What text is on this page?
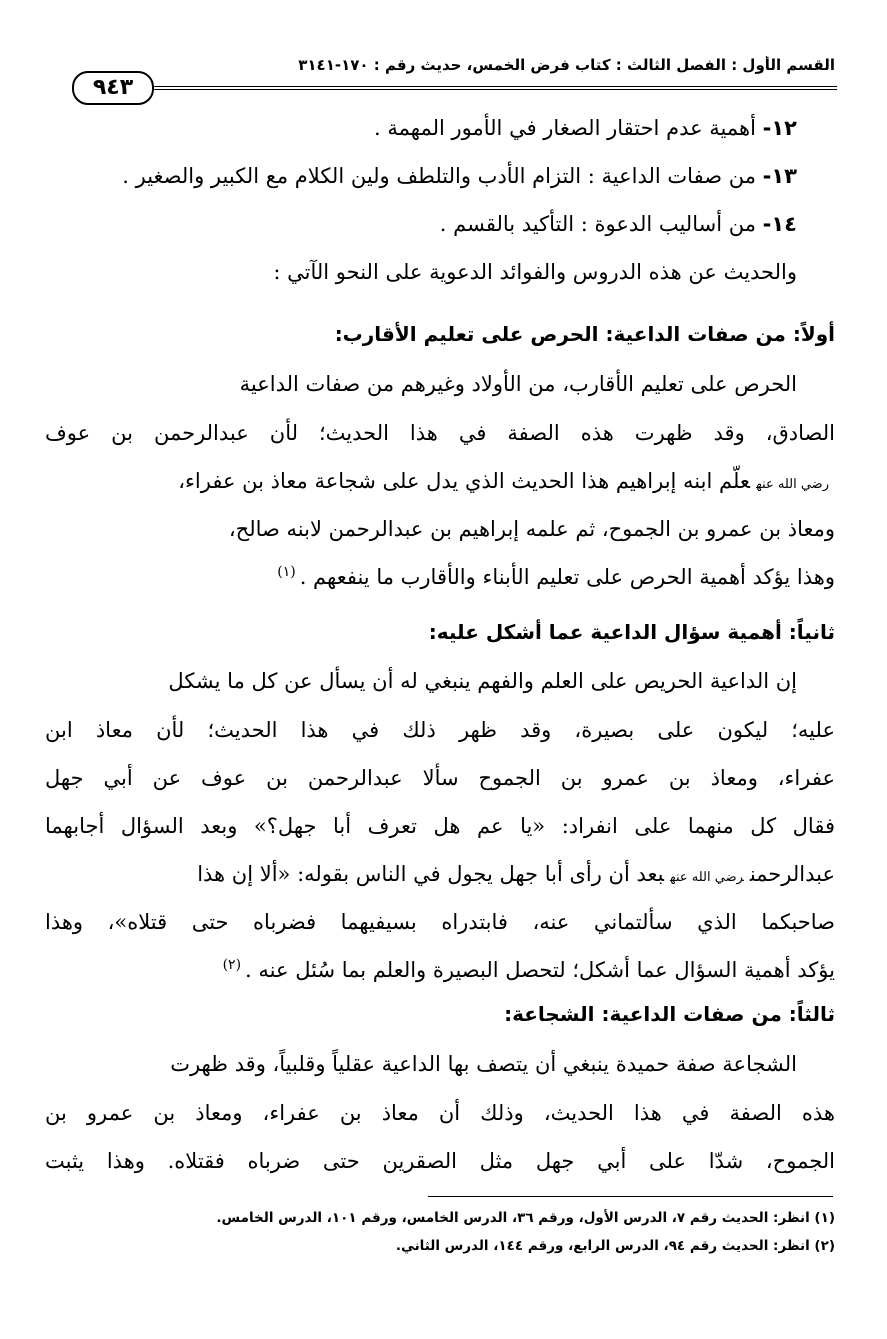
القسم الأول : الفصل الثالث : كتاب فرض الخمس، حديث رقم : ١٧٠-٣١٤١
٩٤٣
١٢- أهمية عدم احتقار الصغار في الأمور المهمة .
١٣- من صفات الداعية : التزام الأدب والتلطف ولين الكلام مع الكبير والصغير .
١٤- من أساليب الدعوة : التأكيد بالقسم .
والحديث عن هذه الدروس والفوائد الدعوية على النحو الآتي :
أولاً: من صفات الداعية: الحرص على تعليم الأقارب:
الحرص على تعليم الأقارب، من الأولاد وغيرهم من صفات الداعية
الصادق، وقد ظهرت هذه الصفة في هذا الحديث؛ لأن عبدالرحمن بن عوف
رضي الله عنهعلّم ابنه إبراهيم هذا الحديث الذي يدل على شجاعة معاذ بن عفراء،
ومعاذ بن عمرو بن الجموح، ثم علمه إبراهيم بن عبدالرحمن لابنه صالح،
وهذا يؤكد أهمية الحرص على تعليم الأبناء والأقارب ما ينفعهم .$^{(١)}$
ثانياً: أهمية سؤال الداعية عما أشكل عليه:
إن الداعية الحريص على العلم والفهم ينبغي له أن يسأل عن كل ما يشكل
عليه؛ ليكون على بصيرة، وقد ظهر ذلك في هذا الحديث؛ لأن معاذ ابن
عفراء، ومعاذ بن عمرو بن الجموح سألا عبدالرحمن بن عوف عن أبي جهل
فقال كل منهما على انفراد: «يا عم هل تعرف أبا جهل؟» وبعد السؤال أجابهما
عبدالرحمنرضي الله عنهبعد أن رأى أبا جهل يجول في الناس بقوله: «ألا إن هذا
صاحبكما الذي سألتماني عنه، فابتدراه بسيفيهما فضرباه حتى قتلاه»، وهذا
يؤكد أهمية السؤال عما أشكل؛ لتحصل البصيرة والعلم بما سُئل عنه .$^{(٢)}$
ثالثاً: من صفات الداعية: الشجاعة:
الشجاعة صفة حميدة ينبغي أن يتصف بها الداعية عقلياً وقلبياً، وقد ظهرت
هذه الصفة في هذا الحديث، وذلك أن معاذ بن عفراء، ومعاذ بن عمرو بن
الجموح، شدّا على أبي جهل مثل الصقرين حتى ضرباه فقتلاه. وهذا يثبت
(١) انظر: الحديث رقم ٧، الدرس الأول، ورقم ٣٦، الدرس الخامس، ورقم ١٠١، الدرس الخامس.
(٢) انظر: الحديث رقم ٩٤، الدرس الرابع، ورقم ١٤٤، الدرس الثاني.
